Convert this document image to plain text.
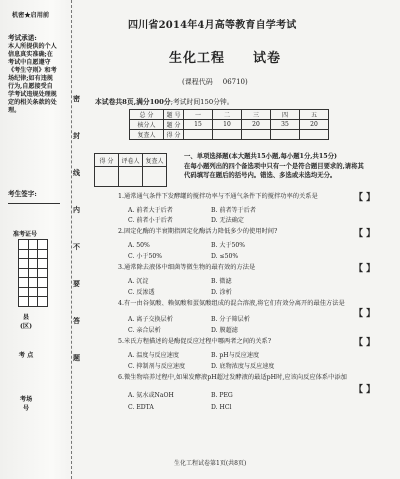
机密★启用前
考试承诺:
本人所提供的个人信息真实准确;在考试中自愿遵守《考生守则》和考场纪律;如有违规行为,自愿接受自学考试违规处理规定的相关条款的处理。
考生签字:
准考证号

县(区)
考 点
考场号
密封线内不要答题
四川省2014年4月高等教育自学考试
生化工程 试卷
(课程代码 06710)
本试卷共8页,满分100分;考试时间150分钟。
总 分	题 号	一	二	三	四	五
核分人	题 分	15	10	20	35	20
复查人	得 分					
得 分	评卷人	复查人

一、单项选择题(本大题共15小题,每小题1分,共15分)
在每小题列出的四个备选项中只有一个是符合题目要求的,请将其代码填写在题后的括号内。错选、多选或未选均无分。
1.通常通气条件下发酵罐的搅拌功率与不通气条件下的搅拌功率的关系是	【 】
A. 前者大于后者	B. 前者等于后者
C. 前者小于后者	D. 无法确定
2.固定化酶的半衰期指固定化酶活力降低多少的使用时间?	【 】
A. 50%	B. 大于50%
C. 小于50%	D. ≤50%
3.通常除去液体中细菌等微生物的最有效的方法是	【 】
A. 沉淀	B. 微滤
C. 反渗透	D. 涂析
4.有一由谷氨酸、赖氨酸和蛋氨酸组成的混合溶液,将它们有效分离开的最佳方法是
【 】
A. 离子交换层析	B. 分子筛层析
C. 亲合层析	D. 膜超滤
5.米氏方程描述的是酶促反应过程中哪两者之间的关系?	【 】
A. 温度与反应速度	B. pH与反应速度
C. 抑制剂与反应速度	D. 底物浓度与反应速度
6.微生物培养过程中,如果发酵液pH超过发酵液的最适pH时,应该向反应体系中添加
【 】
A. 氨水或NaOH	B. PEG
C. EDTA	D. HCl
生化工程试卷第1页(共8页)
